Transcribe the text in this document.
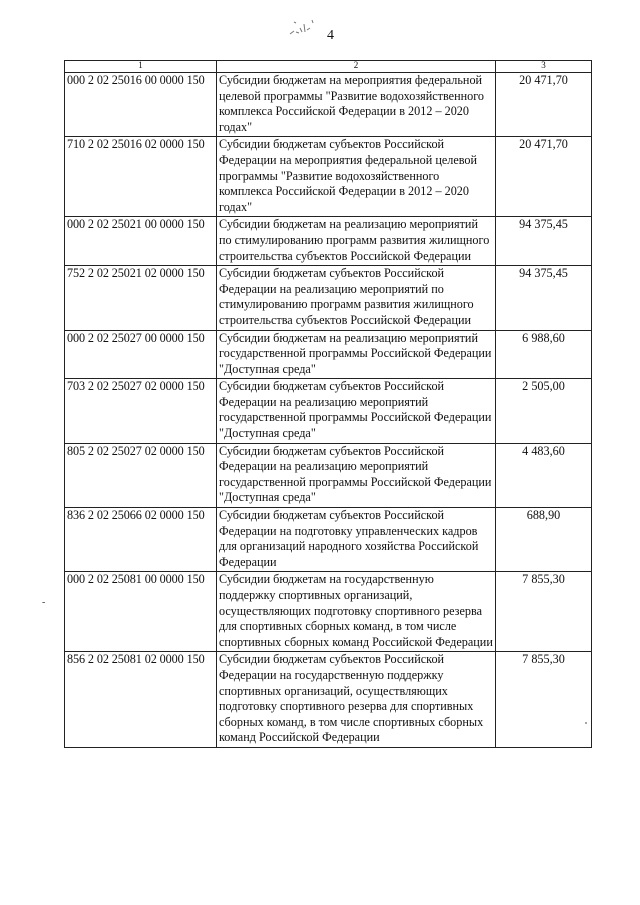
4
-
1	2	3
000 2 02 25016 00 0000 150	Субсидии бюджетам на мероприятия федеральной целевой программы "Развитие водохозяйственного комплекса Российской Федерации в 2012 – 2020 годах"	20 471,70
710 2 02 25016 02 0000 150	Субсидии бюджетам субъектов Российской Федерации на мероприятия федеральной целевой программы "Развитие водохозяйственного комплекса Российской Федерации в 2012 – 2020 годах"	20 471,70
000 2 02 25021 00 0000 150	Субсидии бюджетам на реализацию мероприятий по стимулированию программ развития жилищного строительства субъектов Российской Федерации	94 375,45
752 2 02 25021 02 0000 150	Субсидии бюджетам субъектов Российской Федерации на реализацию мероприятий по стимулированию программ развития жилищного строительства субъектов Российской Федерации	94 375,45
000 2 02 25027 00 0000 150	Субсидии бюджетам на реализацию мероприятий государственной программы Российской Федерации "Доступная среда"	6 988,60
703 2 02 25027 02 0000 150	Субсидии бюджетам субъектов Российской Федерации на реализацию мероприятий государственной программы Российской Федерации "Доступная среда"	2 505,00
805 2 02 25027 02 0000 150	Субсидии бюджетам субъектов Российской Федерации на реализацию мероприятий государственной программы Российской Федерации "Доступная среда"	4 483,60
836 2 02 25066 02 0000 150	Субсидии бюджетам субъектов Российской Федерации на подготовку управленческих кадров для организаций народного хозяйства Российской Федерации	688,90
000 2 02 25081 00 0000 150	Субсидии бюджетам на государственную поддержку спортивных организаций, осуществляющих подготовку спортивного резерва для спортивных сборных команд, в том числе спортивных сборных команд Российской Федерации	7 855,30
856 2 02 25081 02 0000 150	Субсидии бюджетам субъектов Российской Федерации на государственную поддержку спортивных организаций, осуществляющих подготовку спортивного резерва для спортивных сборных команд, в том числе спортивных сборных команд Российской Федерации	7 855,30
